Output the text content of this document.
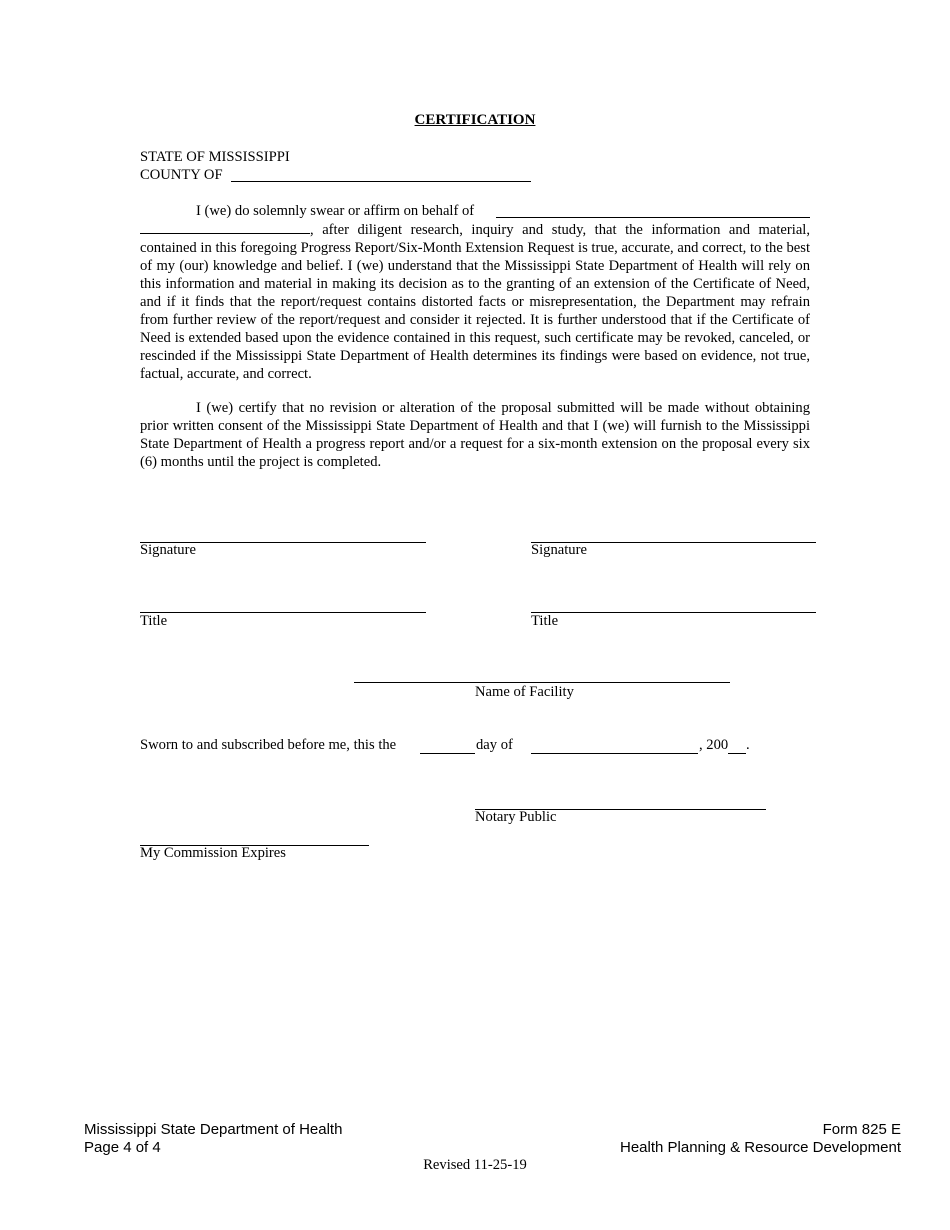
CERTIFICATION
STATE OF MISSISSIPPI
COUNTY OF
I (we) do solemnly swear or affirm on behalf of

, after diligent research, inquiry and study, that the information and material, contained in this foregoing Progress Report/Six-Month Extension Request is true, accurate, and correct, to the best of my (our) knowledge and belief. I (we) understand that the Mississippi State Department of Health will rely on this information and material in making its decision as to the granting of an extension of the Certificate of Need, and if it finds that the report/request contains distorted facts or misrepresentation, the Department may refrain from further review of the report/request and consider it rejected. It is further understood that if the Certificate of Need is extended based upon the evidence contained in this request, such certificate may be revoked, canceled, or rescinded if the Mississippi State Department of Health determines its findings were based on evidence, not true, factual, accurate, and correct.

I (we) certify that no revision or alteration of the proposal submitted will be made without obtaining prior written consent of the Mississippi State Department of Health and that I (we) will furnish to the Mississippi State Department of Health a progress report and/or a request for a six-month extension on the proposal every six (6) months until the project is completed.

Signature	Signature
Title	Title
Name of Facility
Sworn to and subscribed before me, this the	day of	, 200 .
Notary Public
My Commission Expires
Mississippi State Department of Health
Page 4 of 4
Form 825 E
Health Planning & Resource Development
Revised 11-25-19
